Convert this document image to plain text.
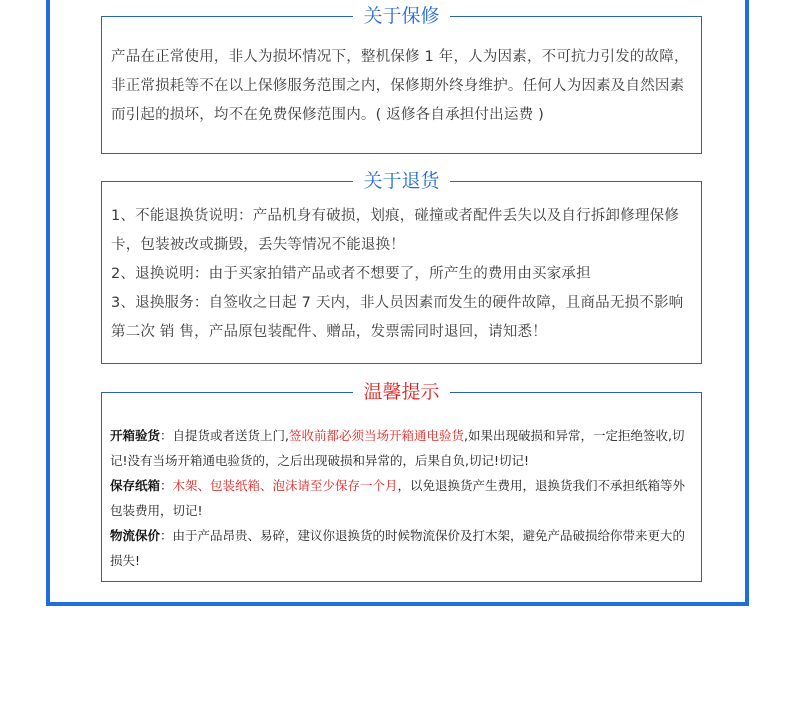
关于保修

产品在正常使用，非人为损坏情况下，整机保修 1 年，人为因素，不可抗力引发的故障，非正常损耗等不在以上保修服务范围之内，保修期外终身维护。任何人为因素及自然因素而引起的损坏，均不在免费保修范围内。( 返修各自承担付出运费 )

关于退货

1、不能退换货说明：产品机身有破损，划痕，碰撞或者配件丢失以及自行拆卸修理保修卡，包装被改或撕毁，丢失等情况不能退换！

2、退换说明：由于买家拍错产品或者不想要了，所产生的费用由买家承担

3、退换服务：自签收之日起 7 天内，非人员因素而发生的硬件故障，且商品无损不影响第二次 销 售，产品原包装配件、赠品，发票需同时退回，请知悉！

温馨提示

开箱验货：自提货或者送货上门,签收前都必须当场开箱通电验货,如果出现破损和异常，一定拒绝签收,切记!没有当场开箱通电验货的，之后出现破损和异常的，后果自负,切记!切记!

保存纸箱：木架、包装纸箱、泡沫请至少保存一个月，以免退换货产生费用，退换货我们不承担纸箱等外包装费用，切记!

物流保价：由于产品昂贵、易碎，建议你退换货的时候物流保价及打木架，避免产品破损给你带来更大的损失!
